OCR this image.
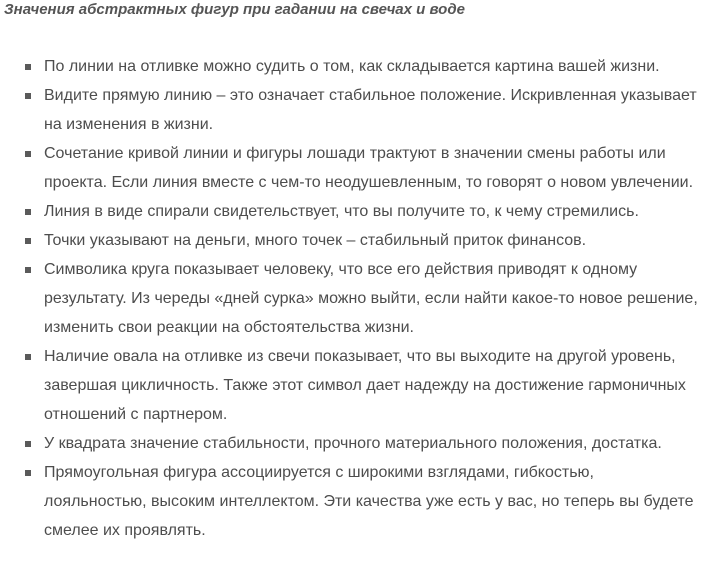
Значения абстрактных фигур при гадании на свечах и воде
По линии на отливке можно судить о том, как складывается картина вашей жизни.
Видите прямую линию – это означает стабильное положение. Искривленная указывает на изменения в жизни.
Сочетание кривой линии и фигуры лошади трактуют в значении смены работы или проекта. Если линия вместе с чем-то неодушевленным, то говорят о новом увлечении.
Линия в виде спирали свидетельствует, что вы получите то, к чему стремились.
Точки указывают на деньги, много точек – стабильный приток финансов.
Символика круга показывает человеку, что все его действия приводят к одному результату. Из череды «дней сурка» можно выйти, если найти какое-то новое решение, изменить свои реакции на обстоятельства жизни.
Наличие овала на отливке из свечи показывает, что вы выходите на другой уровень, завершая цикличность. Также этот символ дает надежду на достижение гармоничных отношений с партнером.
У квадрата значение стабильности, прочного материального положения, достатка.
Прямоугольная фигура ассоциируется с широкими взглядами, гибкостью, лояльностью, высоким интеллектом. Эти качества уже есть у вас, но теперь вы будете смелее их проявлять.
